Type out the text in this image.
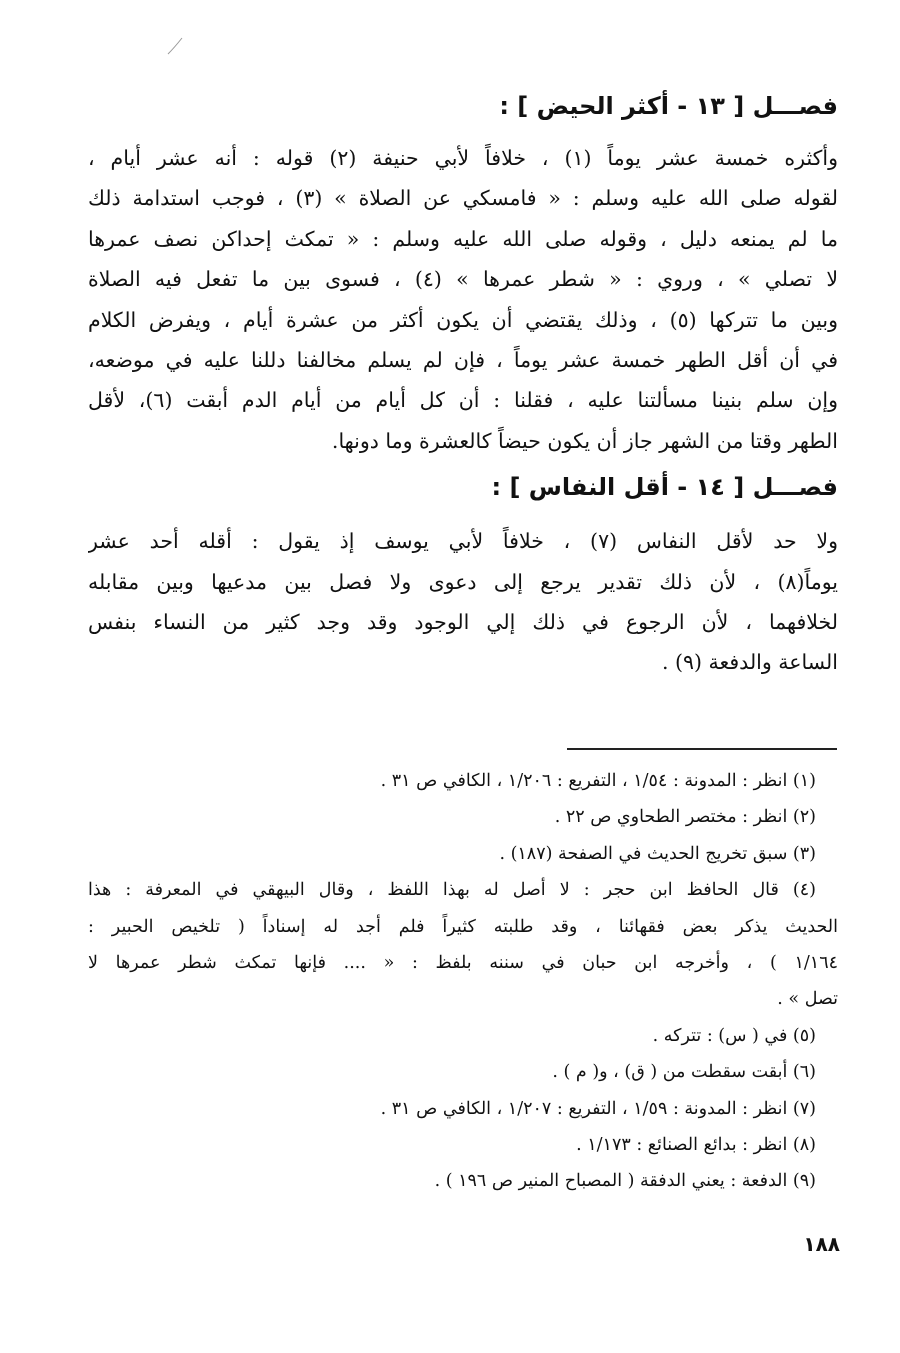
فصـــل [ ١٣ - أكثر الحيض ] :

وأكثره خمسة عشر يوماً (١) ، خلافاً لأبي حنيفة (٢) قوله : أنه عشر أيام ،
لقوله صلى الله عليه وسلم : « فامسكي عن الصلاة » (٣) ، فوجب استدامة ذلك
ما لم يمنعه دليل ، وقوله صلى الله عليه وسلم : « تمكث إحداكن نصف عمرها
لا تصلي » ، وروي : « شطر عمرها » (٤) ، فسوى بين ما تفعل فيه الصلاة
وبين ما تتركها (٥) ، وذلك يقتضي أن يكون أكثر من عشرة أيام ، ويفرض الكلام
في أن أقل الطهر خمسة عشر يوماً ، فإن لم يسلم مخالفنا دللنا عليه في موضعه،
وإن سلم بنينا مسألتنا عليه ، فقلنا : أن كل أيام من أيام الدم أبقت (٦)، لأقل
الطهر وقتا من الشهر جاز أن يكون حيضاً كالعشرة وما دونها.

فصـــل [ ١٤ - أقل النفاس ] :

ولا حد لأقل النفاس (٧) ، خلافاً لأبي يوسف إذ يقول : أقله أحد عشر
يوماً(٨) ، لأن ذلك تقدير يرجع إلى دعوى ولا فصل بين مدعيها وبين مقابله
لخلافهما ، لأن الرجوع في ذلك إلي الوجود وقد وجد كثير من النساء بنفس
الساعة والدفعة (٩) .

(١) انظر : المدونة : ١/٥٤ ، التفريع : ١/٢٠٦ ، الكافي ص ٣١ .
(٢) انظر : مختصر الطحاوي ص ٢٢ .
(٣) سبق تخريج الحديث في الصفحة (١٨٧) .
(٤) قال الحافظ ابن حجر : لا أصل له بهذا اللفظ ، وقال البيهقي في المعرفة : هذا
الحديث يذكر بعض فقهائنا ، وقد طلبته كثيراً فلم أجد له إسناداً ( تلخيص الحبير :
١/١٦٤ ) ، وأخرجه ابن حبان في سننه بلفظ : « .... فإنها تمكث شطر عمرها لا
تصل » .
(٥) في ( س) : تتركه .
(٦) أبقت سقطت من ( ق) ، و( م ) .
(٧) انظر : المدونة : ١/٥٩ ، التفريع : ١/٢٠٧ ، الكافي ص ٣١ .
(٨) انظر : بدائع الصنائع : ١/١٧٣ .
(٩) الدفعة : يعني الدفقة ( المصباح المنير ص ١٩٦ ) .
١٨٨
